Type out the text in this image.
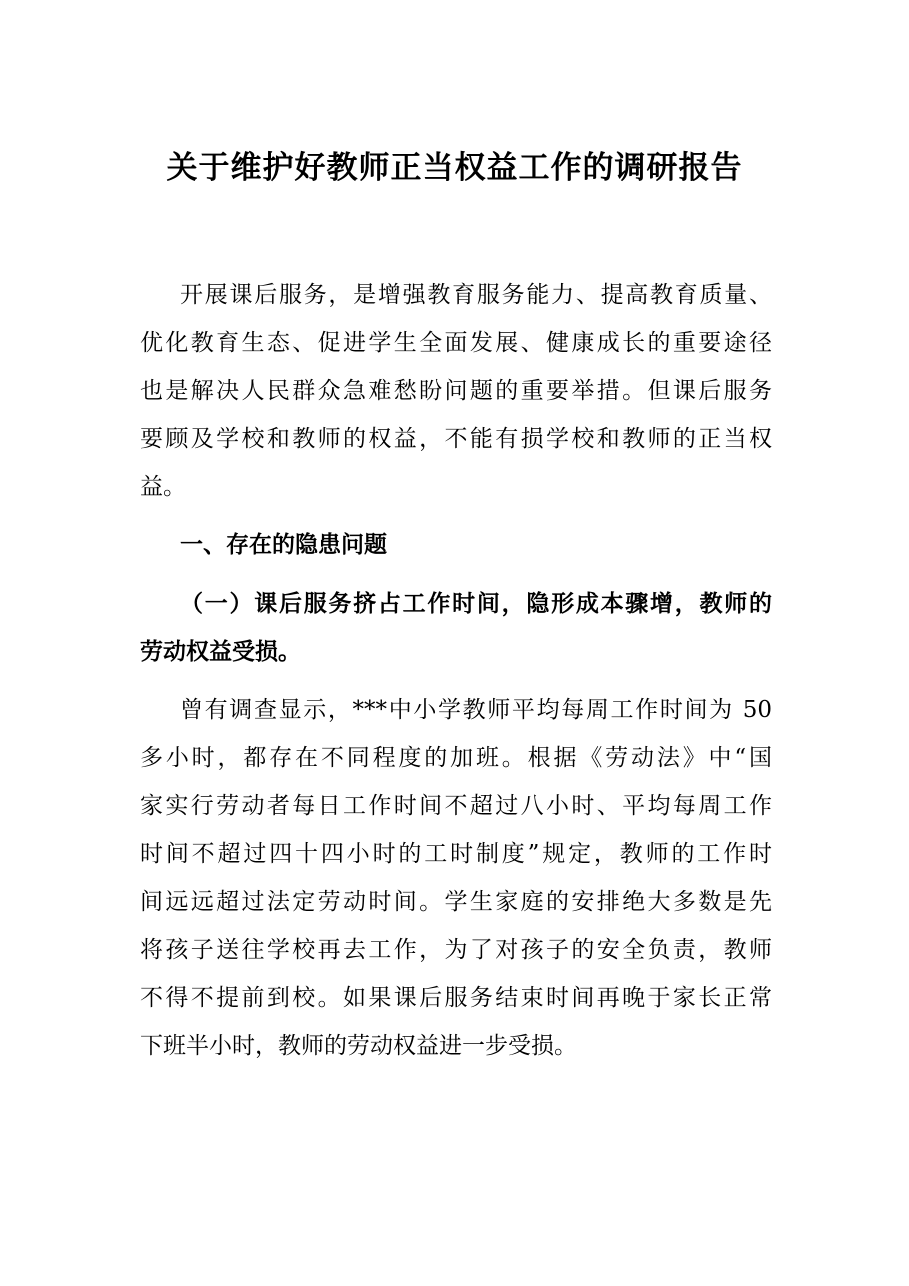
关于维护好教师正当权益工作的调研报告
开展课后服务，是增强教育服务能力、提高教育质量、
优化教育生态、促进学生全面发展、健康成长的重要途径
也是解决人民群众急难愁盼问题的重要举措。但课后服务
要顾及学校和教师的权益，不能有损学校和教师的正当权
益。
一、存在的隐患问题
（一）课后服务挤占工作时间，隐形成本骤增，教师的
劳动权益受损。
曾有调查显示，***中小学教师平均每周工作时间为 50
多小时，都存在不同程度的加班。根据《劳动法》中“国
家实行劳动者每日工作时间不超过八小时、平均每周工作
时间不超过四十四小时的工时制度”规定，教师的工作时
间远远超过法定劳动时间。学生家庭的安排绝大多数是先
将孩子送往学校再去工作，为了对孩子的安全负责，教师
不得不提前到校。如果课后服务结束时间再晚于家长正常
下班半小时，教师的劳动权益进一步受损。
